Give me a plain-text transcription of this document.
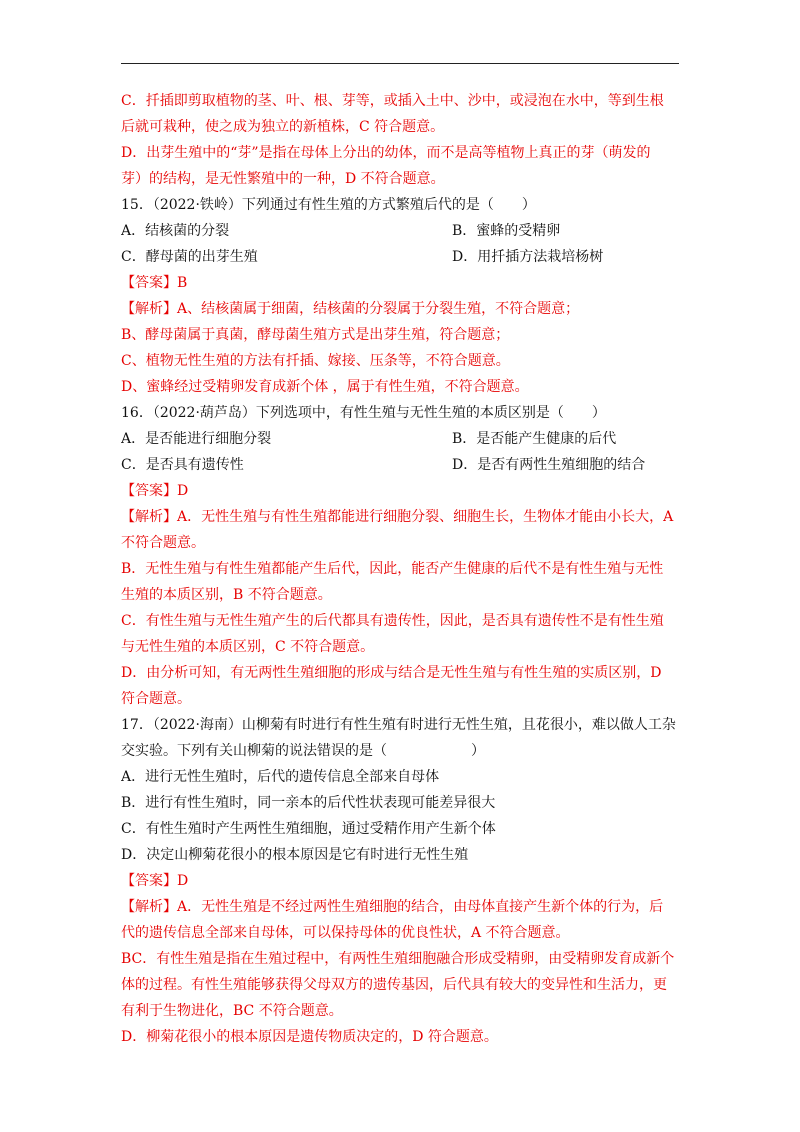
C．扦插即剪取植物的茎、叶、根、芽等，或插入土中、沙中，或浸泡在水中，等到生根
后就可栽种，使之成为独立的新植株，C 符合题意。
D．出芽生殖中的“芽”是指在母体上分出的幼体，而不是高等植物上真正的芽（萌发的
芽）的结构，是无性繁殖中的一种，D 不符合题意。
15．（2022·铁岭）下列通过有性生殖的方式繁殖后代的是（　　）
A．结核菌的分裂	B．蜜蜂的受精卵
C．酵母菌的出芽生殖	D．用扦插方法栽培杨树
【答案】B
【解析】A、结核菌属于细菌，结核菌的分裂属于分裂生殖，不符合题意；
B、酵母菌属于真菌，酵母菌生殖方式是出芽生殖，符合题意；
C、植物无性生殖的方法有扦插、嫁接、压条等，不符合题意。
D、蜜蜂经过受精卵发育成新个体 ，属于有性生殖，不符合题意。
16．（2022·葫芦岛）下列选项中，有性生殖与无性生殖的本质区别是（　　）
A．是否能进行细胞分裂	B．是否能产生健康的后代
C．是否具有遗传性	D．是否有两性生殖细胞的结合
【答案】D
【解析】A．无性生殖与有性生殖都能进行细胞分裂、细胞生长，生物体才能由小长大，A
不符合题意。
B．无性生殖与有性生殖都能产生后代，因此，能否产生健康的后代不是有性生殖与无性
生殖的本质区别，B 不符合题意。
C．有性生殖与无性生殖产生的后代都具有遗传性，因此，是否具有遗传性不是有性生殖
与无性生殖的本质区别，C 不符合题意。
D．由分析可知，有无两性生殖细胞的形成与结合是无性生殖与有性生殖的实质区别，D
符合题意。
17．（2022·海南）山柳菊有时进行有性生殖有时进行无性生殖，且花很小，难以做人工杂
交实验。下列有关山柳菊的说法错误的是（　　　　　　）
A．进行无性生殖时，后代的遗传信息全部来自母体
B．进行有性生殖时，同一亲本的后代性状表现可能差异很大
C．有性生殖时产生两性生殖细胞，通过受精作用产生新个体
D．决定山柳菊花很小的根本原因是它有时进行无性生殖
【答案】D
【解析】A．无性生殖是不经过两性生殖细胞的结合，由母体直接产生新个体的行为，后
代的遗传信息全部来自母体，可以保持母体的优良性状，A 不符合题意。
BC．有性生殖是指在生殖过程中，有两性生殖细胞融合形成受精卵，由受精卵发育成新个
体的过程。有性生殖能够获得父母双方的遗传基因，后代具有较大的变异性和生活力，更
有利于生物进化，BC 不符合题意。
D．柳菊花很小的根本原因是遗传物质决定的，D 符合题意。
